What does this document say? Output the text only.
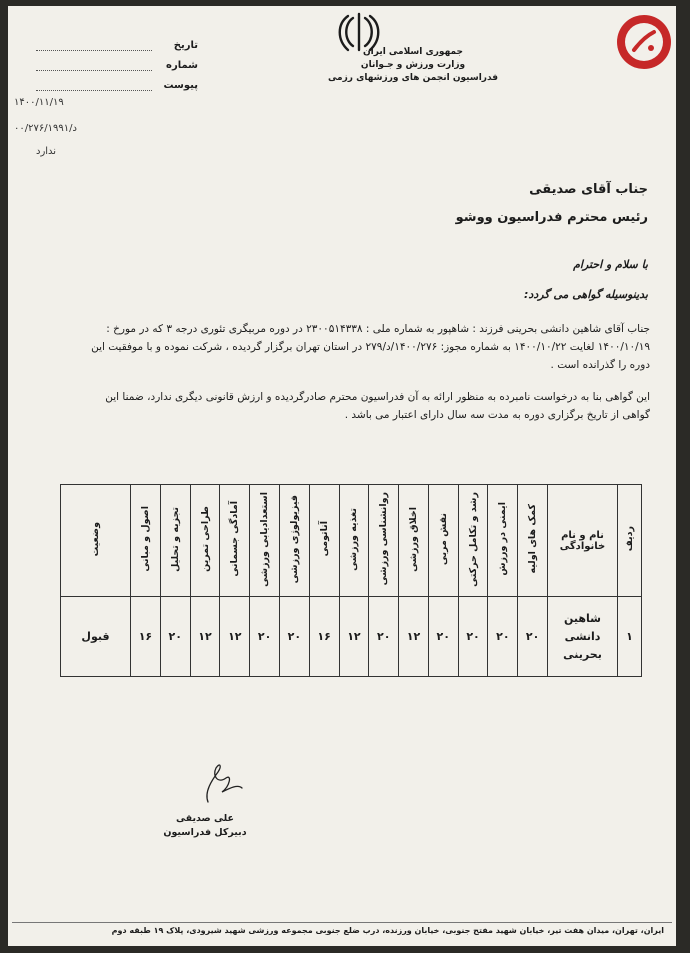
جمهوری اسلامی ایران
وزارت ورزش و جـوانان
فدراسیون انجمن های ورزشهای رزمی
تاریخ
شماره
پیوست
۱۴۰۰/۱۱/۱۹
۰۰/۲۷۶/د/۱۹۹۱
ندارد
جناب آقای صدیقی
رئیس محترم فدراسیون ووشو
با سلام و احترام
بدینوسیله گواهی می گردد:
جناب آقای شاهین دانشی بحرینی فرزند : شاهپور به شماره ملی : ۲۳۰۰۵۱۴۳۳۸ در دوره مربیگری تئوری درجه ۳ که در مورخ : ۱۴۰۰/۱۰/۱۹ لغایت ۱۴۰۰/۱۰/۲۲ به شماره مجوز: ۱۴۰۰/۲۷۶/د/۲۷۹ در استان تهران برگزار گردیده ، شرکت نموده و با موفقیت این دوره را گذرانده است .
این گواهی بنا به درخواست نامبرده به منظور ارائه به آن فدراسیون محترم صادرگردیده و ارزش قانونی دیگری ندارد، ضمنا این گواهی از تاریخ برگزاری دوره به مدت سه سال دارای اعتبار می باشد .
ردیف	نام و نام خانوادگی	کمک های اولیه	ایمنی در ورزش	رشد و تکامل حرکتی	نقش مربی	اخلاق ورزشی	روانشناسی ورزشی	تغذیه ورزشی	آناتومی	فیزیولوژی ورزشی	استعدادیابی ورزشی	آمادگی جسمانی	طراحی تمرین	تجزیه و تحلیل	اصول و مبانی	وضعیت
۱	شاهین دانشی بحرینی	۲۰	۲۰	۲۰	۲۰	۱۲	۲۰	۱۲	۱۶	۲۰	۲۰	۱۲	۱۲	۲۰	۱۶	قبول
علی صدیقی
دبیرکل فدراسیون
ایران، تهران، میدان هفت تیر، خیابان شهید مفتح جنوبی، خیابان ورزنده، درب ضلع جنوبی مجموعه ورزشی شهید شیرودی، پلاک ۱۹ طبقه دوم
